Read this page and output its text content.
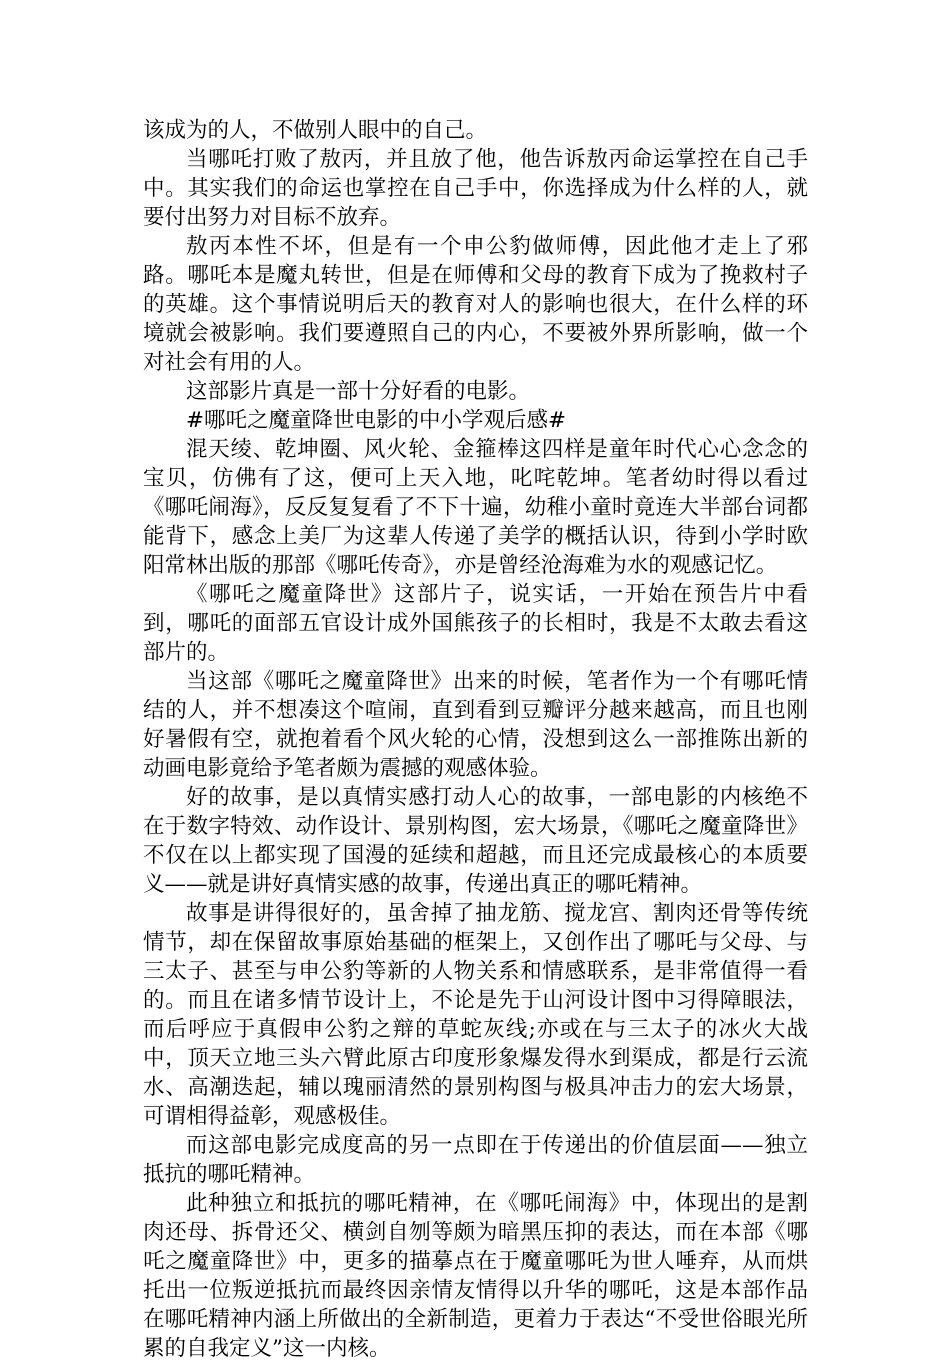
该成为的人，不做别人眼中的自己。

当哪吒打败了敖丙，并且放了他，他告诉敖丙命运掌控在自己手中。其实我们的命运也掌控在自己手中，你选择成为什么样的人，就要付出努力对目标不放弃。

敖丙本性不坏，但是有一个申公豹做师傅，因此他才走上了邪路。哪吒本是魔丸转世，但是在师傅和父母的教育下成为了挽救村子的英雄。这个事情说明后天的教育对人的影响也很大，在什么样的环境就会被影响。我们要遵照自己的内心，不要被外界所影响，做一个对社会有用的人。

这部影片真是一部十分好看的电影。

#哪吒之魔童降世电影的中小学观后感#

混天绫、乾坤圈、风火轮、金箍棒这四样是童年时代心心念念的宝贝，仿佛有了这，便可上天入地，叱咤乾坤。笔者幼时得以看过《哪吒闹海》，反反复复看了不下十遍，幼稚小童时竟连大半部台词都能背下，感念上美厂为这辈人传递了美学的概括认识，待到小学时欧阳常林出版的那部《哪吒传奇》，亦是曾经沧海难为水的观感记忆。

《哪吒之魔童降世》这部片子，说实话，一开始在预告片中看到，哪吒的面部五官设计成外国熊孩子的长相时，我是不太敢去看这部片的。

当这部《哪吒之魔童降世》出来的时候，笔者作为一个有哪吒情结的人，并不想凑这个喧闹，直到看到豆瓣评分越来越高，而且也刚好暑假有空，就抱着看个风火轮的心情，没想到这么一部推陈出新的动画电影竟给予笔者颇为震撼的观感体验。

好的故事，是以真情实感打动人心的故事，一部电影的内核绝不在于数字特效、动作设计、景别构图，宏大场景，《哪吒之魔童降世》不仅在以上都实现了国漫的延续和超越，而且还完成最核心的本质要义——就是讲好真情实感的故事，传递出真正的哪吒精神。

故事是讲得很好的，虽舍掉了抽龙筋、搅龙宫、割肉还骨等传统情节，却在保留故事原始基础的框架上，又创作出了哪吒与父母、与三太子、甚至与申公豹等新的人物关系和情感联系，是非常值得一看的。而且在诸多情节设计上，不论是先于山河设计图中习得障眼法，而后呼应于真假申公豹之辩的草蛇灰线;亦或在与三太子的冰火大战中，顶天立地三头六臂此原古印度形象爆发得水到渠成，都是行云流水、高潮迭起，辅以瑰丽清然的景别构图与极具冲击力的宏大场景，可谓相得益彰，观感极佳。

而这部电影完成度高的另一点即在于传递出的价值层面——独立抵抗的哪吒精神。

此种独立和抵抗的哪吒精神，在《哪吒闹海》中，体现出的是割肉还母、拆骨还父、横剑自刎等颇为暗黑压抑的表达，而在本部《哪吒之魔童降世》中，更多的描摹点在于魔童哪吒为世人唾弃，从而烘托出一位叛逆抵抗而最终因亲情友情得以升华的哪吒，这是本部作品在哪吒精神内涵上所做出的全新制造，更着力于表达“不受世俗眼光所累的自我定义”这一内核。
